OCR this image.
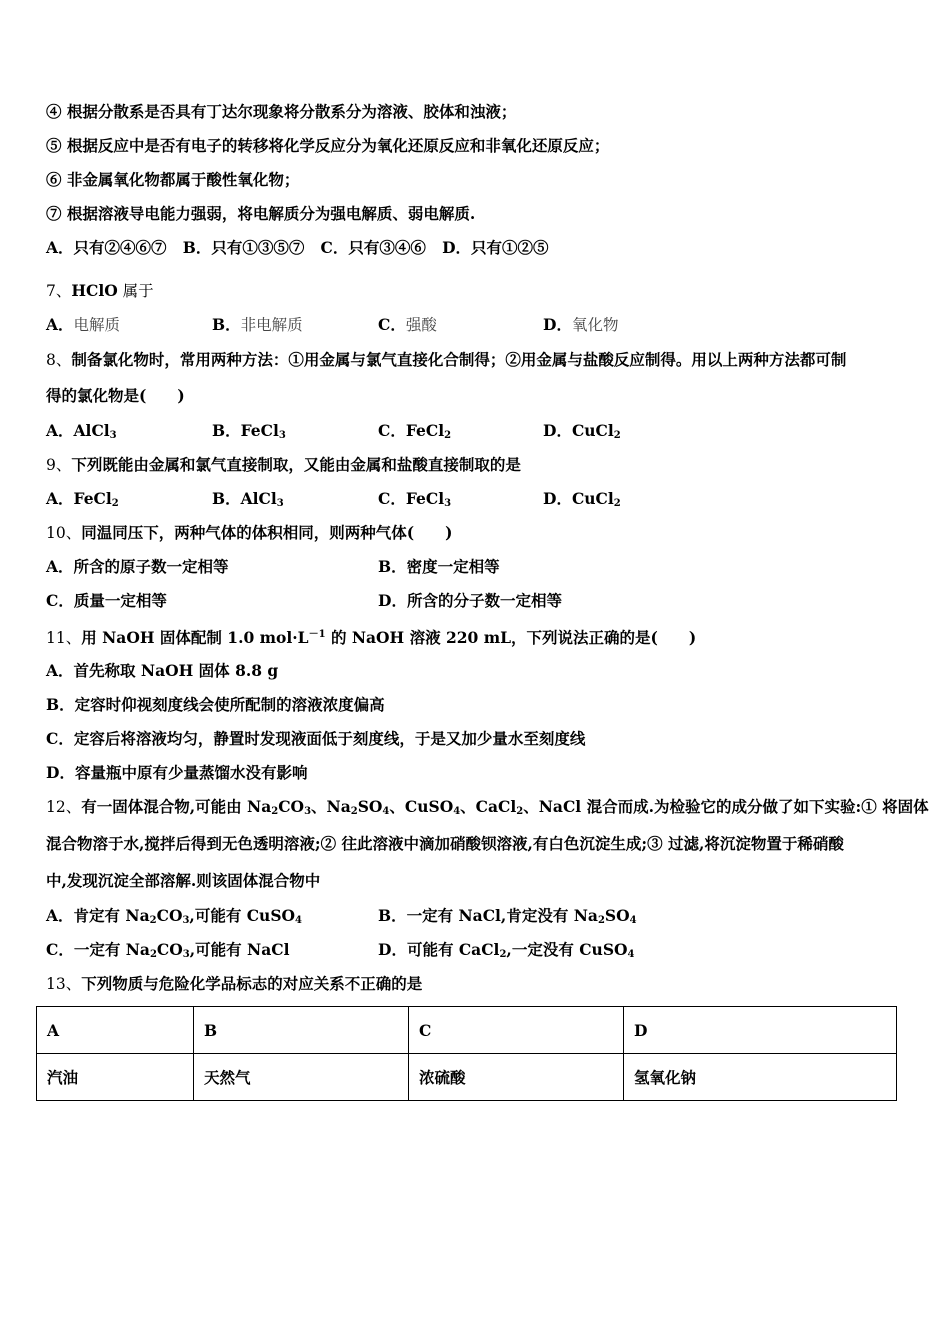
④ 根据分散系是否具有丁达尔现象将分散系分为溶液、胶体和浊液；
⑤ 根据反应中是否有电子的转移将化学反应分为氧化还原反应和非氧化还原反应；
⑥ 非金属氧化物都属于酸性氧化物；
⑦ 根据溶液导电能力强弱，将电解质分为强电解质、弱电解质.
A．只有②④⑥⑦ B．只有①③⑤⑦ C．只有③④⑥ D．只有①②⑤
7、HClO 属于
A．电解质	B．非电解质	C．强酸	D．氧化物
8、制备氯化物时，常用两种方法：①用金属与氯气直接化合制得；②用金属与盐酸反应制得。用以上两种方法都可制
得的氯化物是(　　)
A．AlCl$_3$	B．FeCl$_3$	C．FeCl$_2$	D．CuCl$_2$
9、下列既能由金属和氯气直接制取，又能由金属和盐酸直接制取的是
A．FeCl$_2$	B．AlCl$_3$	C．FeCl$_3$	D．CuCl$_2$
10、同温同压下，两种气体的体积相同，则两种气体(　　)
A．所含的原子数一定相等	B．密度一定相等
C．质量一定相等	D．所含的分子数一定相等
11、用 NaOH 固体配制 1.0 $mol\cdot L^{-1}$ 的 NaOH 溶液 220 mL，下列说法正确的是(　　)
A．首先称取 NaOH 固体 8.8 g
B．定容时仰视刻度线会使所配制的溶液浓度偏高
C．定容后将溶液均匀，静置时发现液面低于刻度线，于是又加少量水至刻度线
D．容量瓶中原有少量蒸馏水没有影响
12、有一固体混合物,可能由 $Na_2CO_3$、$Na_2SO_4$、CuSO$_4$、CaCl$_2$、NaCl 混合而成.为检验它的成分做了如下实验:① 将固体
混合物溶于水,搅拌后得到无色透明溶液;② 往此溶液中滴加硝酸钡溶液,有白色沉淀生成;③ 过滤,将沉淀物置于稀硝酸
中,发现沉淀全部溶解.则该固体混合物中
A．肯定有 $Na_2CO_3$,可能有 CuSO$_4$	B．一定有 NaCl,肯定没有 $Na_2SO_4$
C．一定有 $Na_2CO_3$,可能有 NaCl	D．可能有 CaCl$_2$,一定没有 CuSO$_4$
13、下列物质与危险化学品标志的对应关系不正确的是
A	B	C	D
汽油	天然气	浓硫酸	氢氧化钠
